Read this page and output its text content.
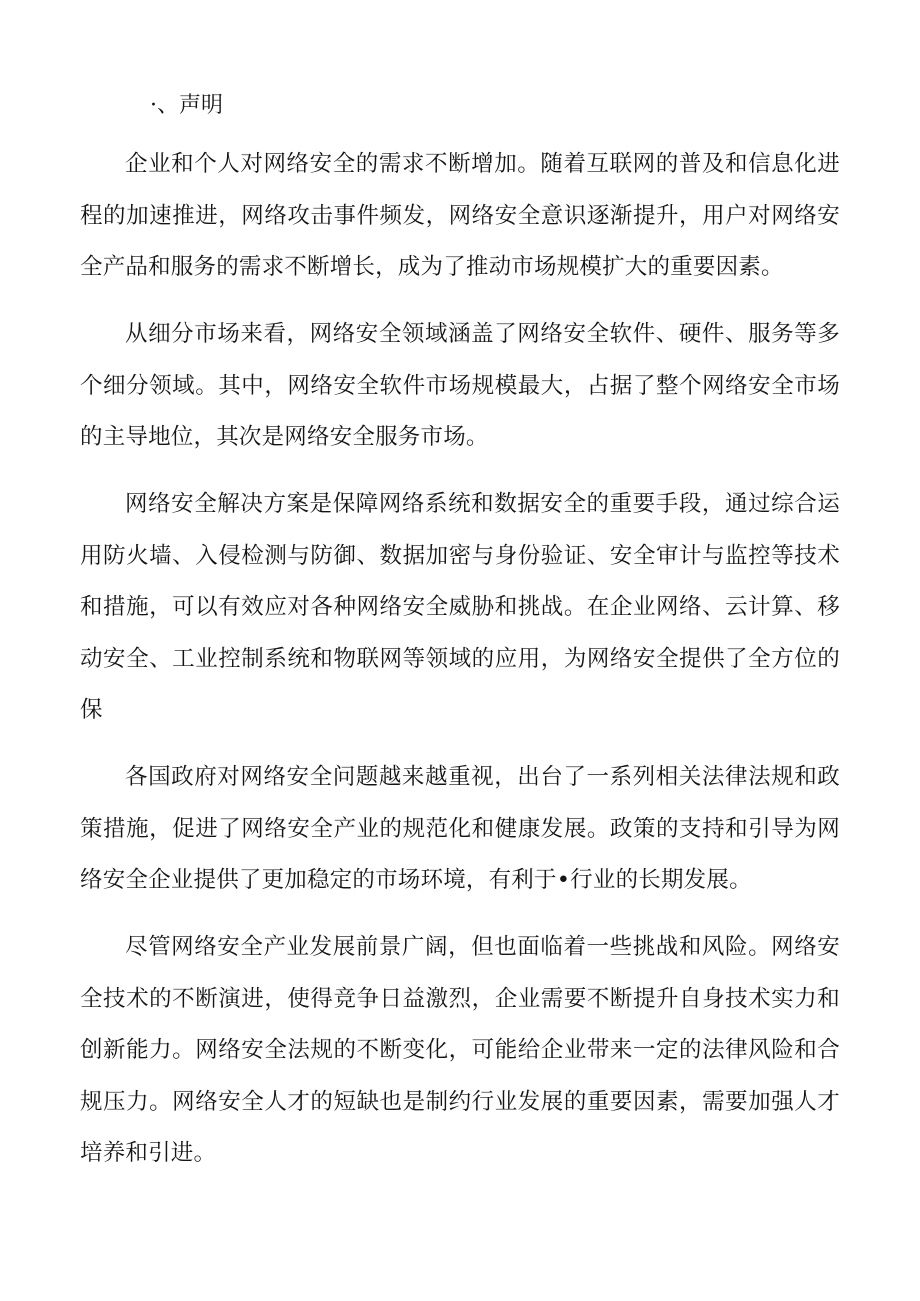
·、声明

企业和个人对网络安全的需求不断增加。随着互联网的普及和信息化进程的加速推进，网络攻击事件频发，网络安全意识逐渐提升，用户对网络安全产品和服务的需求不断增长，成为了推动市场规模扩大的重要因素。

从细分市场来看，网络安全领域涵盖了网络安全软件、硬件、服务等多个细分领域。其中，网络安全软件市场规模最大，占据了整个网络安全市场的主导地位，其次是网络安全服务市场。

网络安全解决方案是保障网络系统和数据安全的重要手段，通过综合运用防火墙、入侵检测与防御、数据加密与身份验证、安全审计与监控等技术和措施，可以有效应对各种网络安全威胁和挑战。在企业网络、云计算、移动安全、工业控制系统和物联网等领域的应用，为网络安全提供了全方位的保

各国政府对网络安全问题越来越重视，出台了一系列相关法律法规和政策措施，促进了网络安全产业的规范化和健康发展。政策的支持和引导为网络安全企业提供了更加稳定的市场环境，有利于•行业的长期发展。

尽管网络安全产业发展前景广阔，但也面临着一些挑战和风险。网络安全技术的不断演进，使得竞争日益激烈，企业需要不断提升自身技术实力和创新能力。网络安全法规的不断变化，可能给企业带来一定的法律风险和合规压力。网络安全人才的短缺也是制约行业发展的重要因素，需要加强人才培养和引进。
